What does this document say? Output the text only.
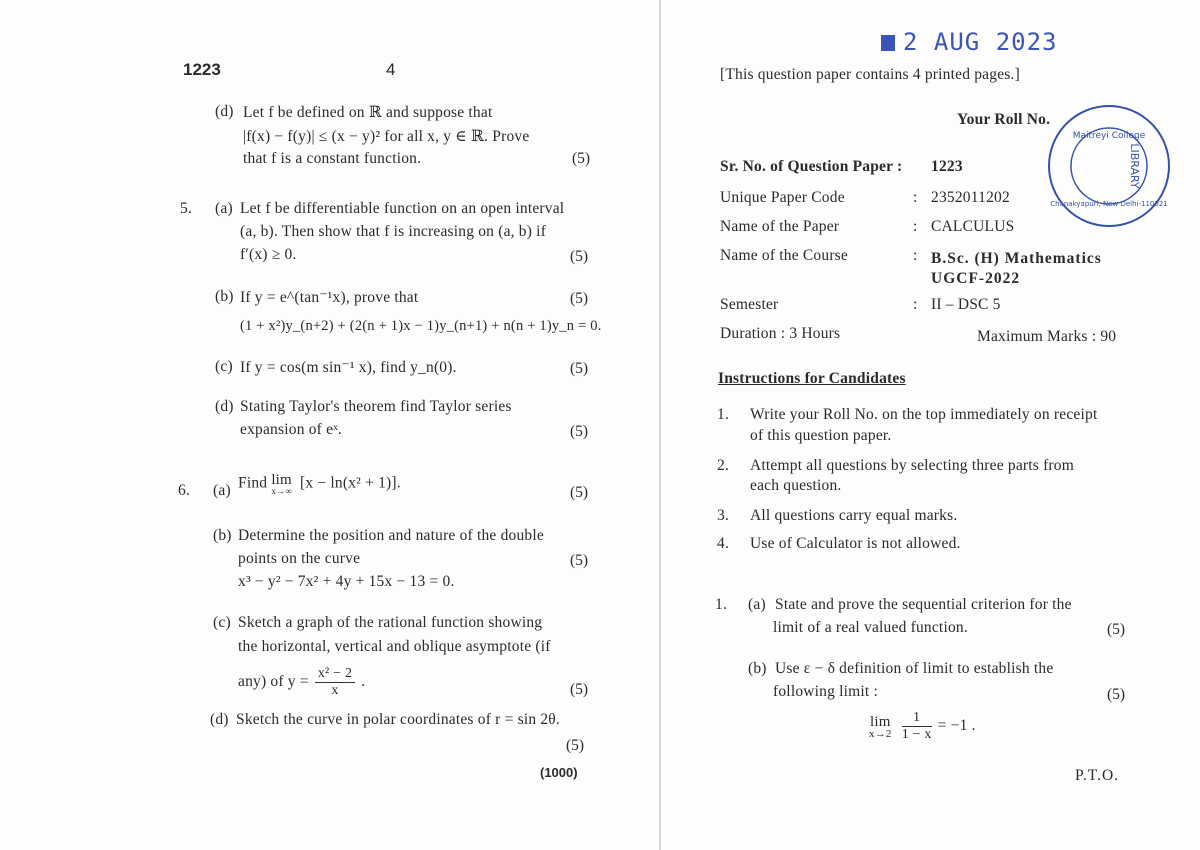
1223	4
(d) Let f be defined on ℝ and suppose that
|f(x) − f(y)| ≤ (x − y)² for all x, y ∈ ℝ. Prove
that f is a constant function.	(5)
5. (a) Let f be differentiable function on an open interval
(a, b). Then show that f is increasing on (a, b) if
f′(x) ≥ 0.	(5)
(b) If y = e^(tan⁻¹x), prove that	(5)
(1 + x²)y_(n+2) + (2(n + 1)x − 1)y_(n+1) + n(n + 1)y_n = 0.
(c) If y = cos(m sin⁻¹ x), find y_n(0).	(5)
(d) Stating Taylor's theorem find Taylor series
expansion of eˣ.	(5)
6. (a) Find lim
x→∞ [x − ln(x² + 1)].
(5)
(b) Determine the position and nature of the double
points on the curve	(5)
x³ − y² − 7x² + 4y + 15x − 13 = 0.
(c) Sketch a graph of the rational function showing
the horizontal, vertical and oblique asymptote (if
any) of $y = \frac{\text{x² − 2}}{x}$ .	(5)
(d) Sketch the curve in polar coordinates of r = sin 2θ.
(5)
(1000)
2 AUG 2023
[This question paper contains 4 printed pages.]
Your Roll No.
Maitreyi College
Chanakyapuri, New Delhi-110021
LIBRARY
Sr. No. of Question Paper : 1223
Unique Paper Code	: 2352011202
Name of the Paper	: CALCULUS
Name of the Course	: B.Sc. (H) Mathematics
UGCF-2022
Semester	: II – DSC 5
Duration : 3 Hours	Maximum Marks : 90
Instructions for Candidates
1. Write your Roll No. on the top immediately on receipt
of this question paper.
2. Attempt all questions by selecting three parts from
each question.
3. All questions carry equal marks.
4. Use of Calculator is not allowed.
1. (a) State and prove the sequential criterion for the
limit of a real valued function.	(5)
(b) Use ε − δ definition of limit to establish the
following limit :	(5)
lim
x→2
$\frac{1}{1 - x} = -1$ .
P.T.O.
